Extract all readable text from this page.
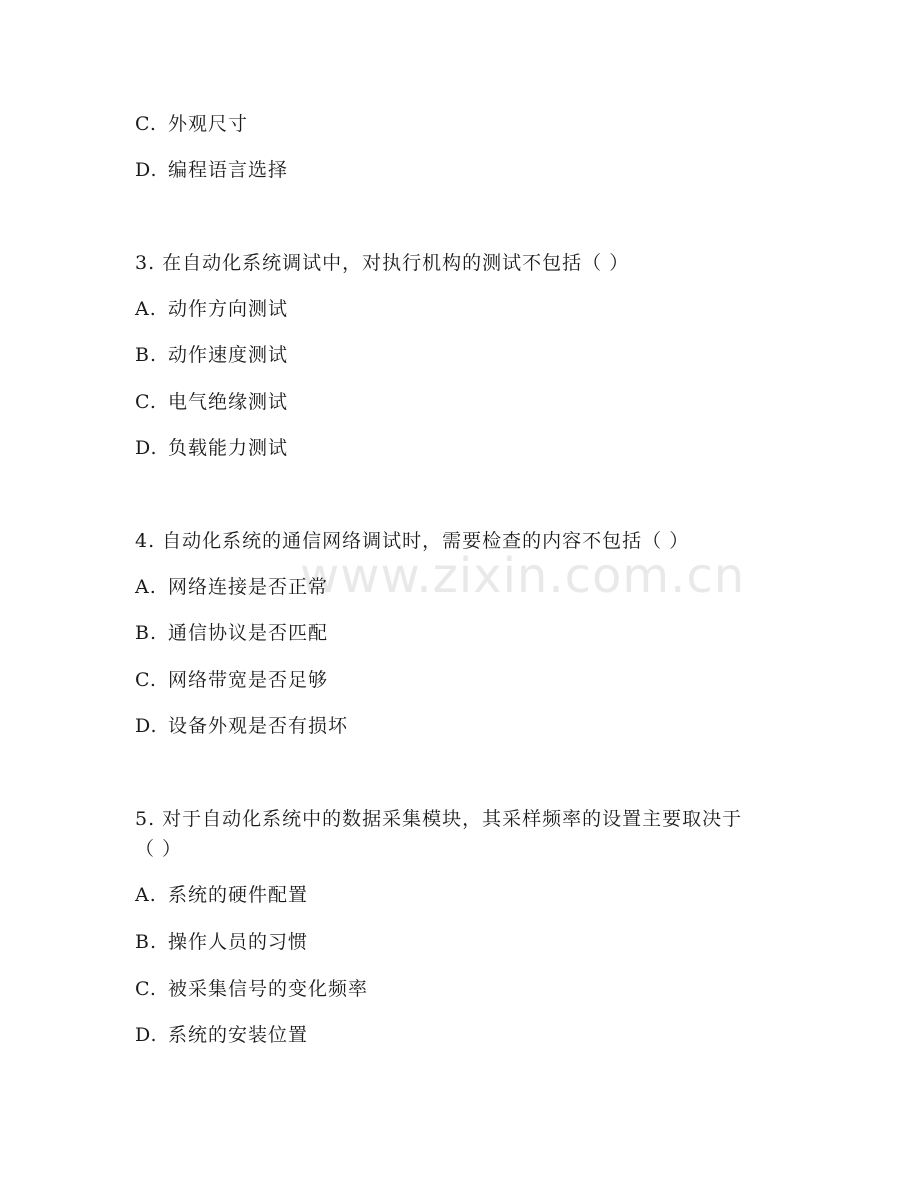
www.zixin.com.cn
C. 外观尺寸
D. 编程语言选择
3. 在自动化系统调试中，对执行机构的测试不包括（ ）
A. 动作方向测试
B. 动作速度测试
C. 电气绝缘测试
D. 负载能力测试
4. 自动化系统的通信网络调试时，需要检查的内容不包括（ ）
A. 网络连接是否正常
B. 通信协议是否匹配
C. 网络带宽是否足够
D. 设备外观是否有损坏
5. 对于自动化系统中的数据采集模块，其采样频率的设置主要取决于
（ ）
A. 系统的硬件配置
B. 操作人员的习惯
C. 被采集信号的变化频率
D. 系统的安装位置
